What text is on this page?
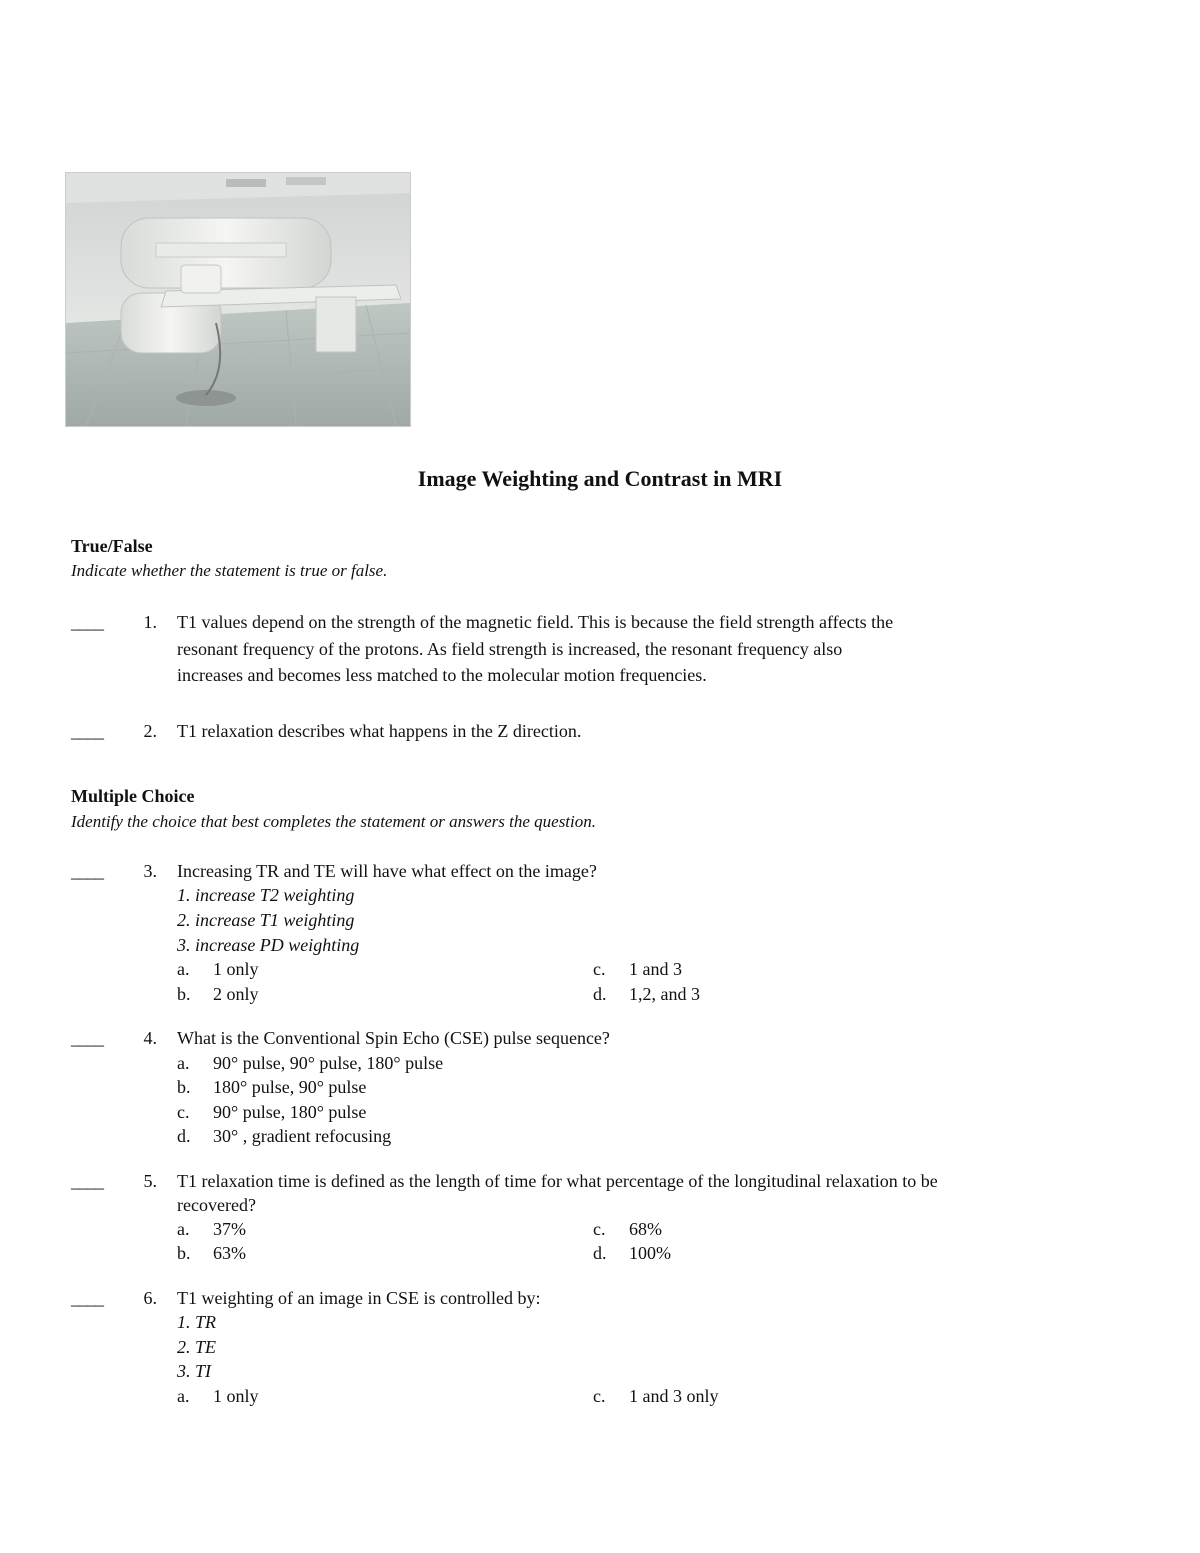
Image Weighting and Contrast in MRI
True/False
Indicate whether the statement is true or false.
____	1. T1 values depend on the strength of the magnetic field. This is because the field strength affects the
resonant frequency of the protons. As field strength is increased, the resonant frequency also
increases and becomes less matched to the molecular motion frequencies.
____	2. T1 relaxation describes what happens in the Z direction.
Multiple Choice
Identify the choice that best completes the statement or answers the question.
____	3. Increasing TR and TE will have what effect on the image?
1. increase T2 weighting
2. increase T1 weighting
3. increase PD weighting
a. 1 only
b. 2 only
c. 1 and 3
d. 1,2, and 3
____	4. What is the Conventional Spin Echo (CSE) pulse sequence?
a. 90° pulse, 90° pulse, 180° pulse
b. 180° pulse, 90° pulse
c. 90° pulse, 180° pulse
d. 30° , gradient refocusing
____	5. T1 relaxation time is defined as the length of time for what percentage of the longitudinal relaxation to be
recovered?
a. 37%
b. 63%
c. 68%
d. 100%
____	6. T1 weighting of an image in CSE is controlled by:
1. TR
2. TE
3. TI
a. 1 only	c. 1 and 3 only
